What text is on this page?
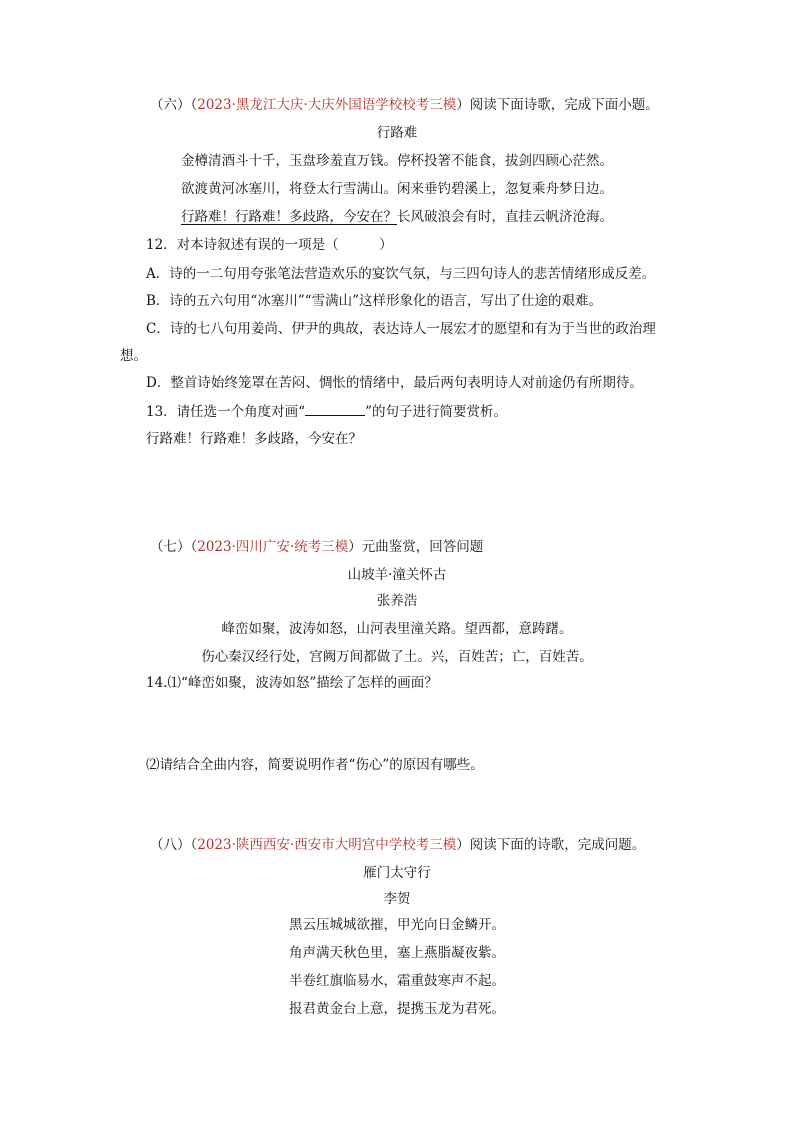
（六）（2023·黑龙江大庆·大庆外国语学校校考三模）阅读下面诗歌，完成下面小题。
行路难
金樽清酒斗十千，玉盘珍羞直万钱。停杯投箸不能食，拔剑四顾心茫然。
欲渡黄河冰塞川，将登太行雪满山。闲来垂钓碧溪上，忽复乘舟梦日边。
行路难！行路难！多歧路，今安在？长风破浪会有时，直挂云帆济沧海。
12．对本诗叙述有误的一项是（　　　）
A．诗的一二句用夸张笔法营造欢乐的宴饮气氛，与三四句诗人的悲苦情绪形成反差。
B．诗的五六句用“冰塞川”“雪满山”这样形象化的语言，写出了仕途的艰难。
C．诗的七八句用姜尚、伊尹的典故，表达诗人一展宏才的愿望和有为于当世的政治理
想。
D．整首诗始终笼罩在苦闷、惆怅的情绪中，最后两句表明诗人对前途仍有所期待。
13．请任选一个角度对画“	”的句子进行简要赏析。
行路难！行路难！多歧路，今安在？
（七）（2023·四川广安·统考三模）元曲鉴赏，回答问题
山坡羊·潼关怀古
张养浩
峰峦如聚，波涛如怒，山河表里潼关路。望西都，意踌躇。
伤心秦汉经行处，宫阙万间都做了土。兴，百姓苦；亡，百姓苦。
14.⑴“峰峦如聚，波涛如怒”描绘了怎样的画面？
⑵请结合全曲内容，简要说明作者“伤心”的原因有哪些。
（八）（2023·陕西西安·西安市大明宫中学校考三模）阅读下面的诗歌，完成问题。
雁门太守行
李贺
黑云压城城欲摧，甲光向日金鳞开。
角声满天秋色里，塞上燕脂凝夜紫。
半卷红旗临易水，霜重鼓寒声不起。
报君黄金台上意，提携玉龙为君死。
